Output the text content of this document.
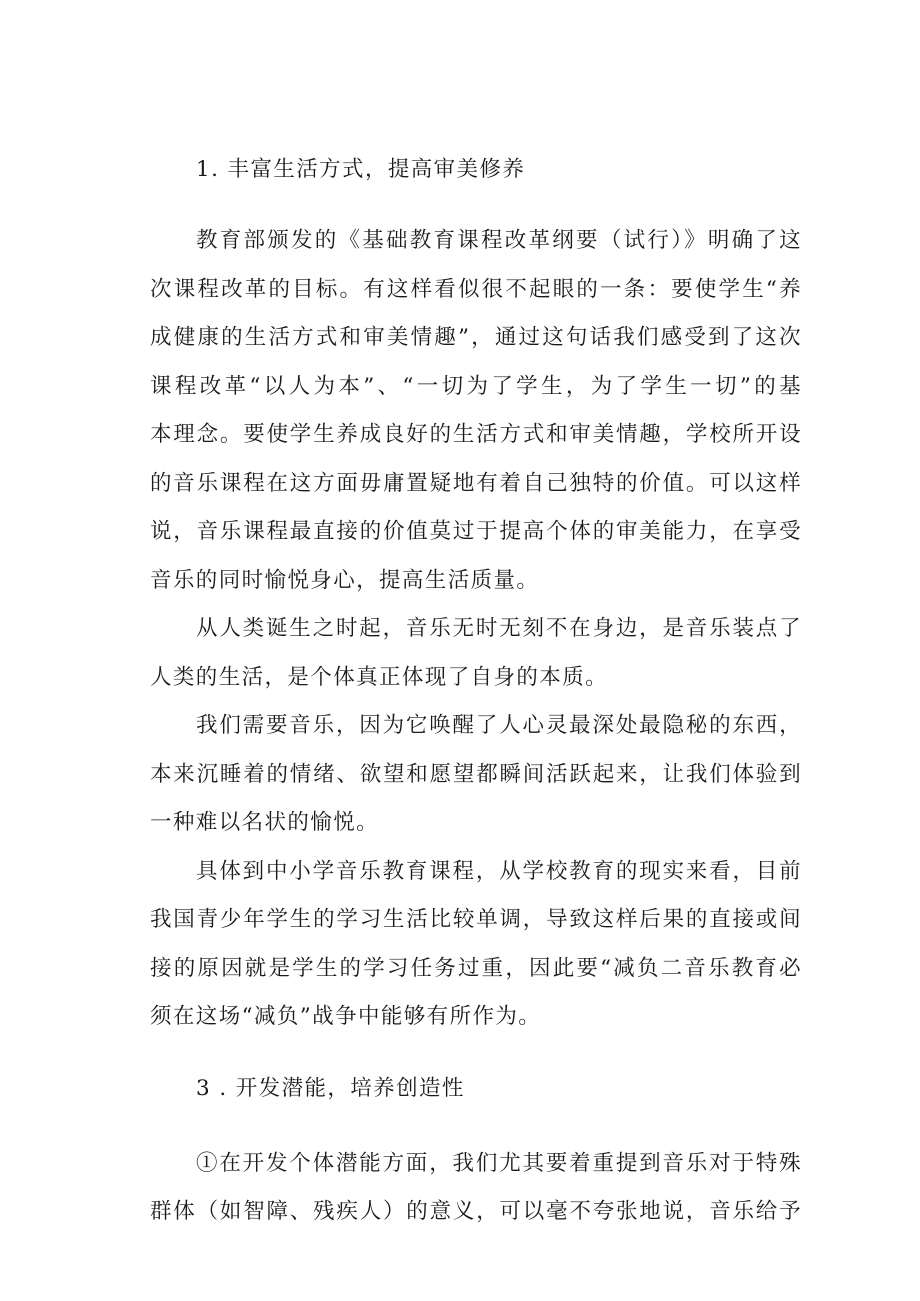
1. 丰富生活方式，提高审美修养
教育部颁发的《基础教育课程改革纲要（试行）》明确了这
次课程改革的目标。有这样看似很不起眼的一条：要使学生“养
成健康的生活方式和审美情趣”，通过这句话我们感受到了这次
课程改革“以人为本”、“一切为了学生，为了学生一切”的基
本理念。要使学生养成良好的生活方式和审美情趣，学校所开设
的音乐课程在这方面毋庸置疑地有着自己独特的价值。可以这样
说，音乐课程最直接的价值莫过于提高个体的审美能力，在享受
音乐的同时愉悦身心，提高生活质量。
从人类诞生之时起，音乐无时无刻不在身边，是音乐装点了
人类的生活，是个体真正体现了自身的本质。
我们需要音乐，因为它唤醒了人心灵最深处最隐秘的东西，
本来沉睡着的情绪、欲望和愿望都瞬间活跃起来，让我们体验到
一种难以名状的愉悦。
具体到中小学音乐教育课程，从学校教育的现实来看，目前
我国青少年学生的学习生活比较单调，导致这样后果的直接或间
接的原因就是学生的学习任务过重，因此要“减负二音乐教育必
须在这场“减负”战争中能够有所作为。
3 . 开发潜能，培养创造性
①在开发个体潜能方面，我们尤其要着重提到音乐对于特殊
群体（如智障、残疾人）的意义，可以毫不夸张地说，音乐给予
